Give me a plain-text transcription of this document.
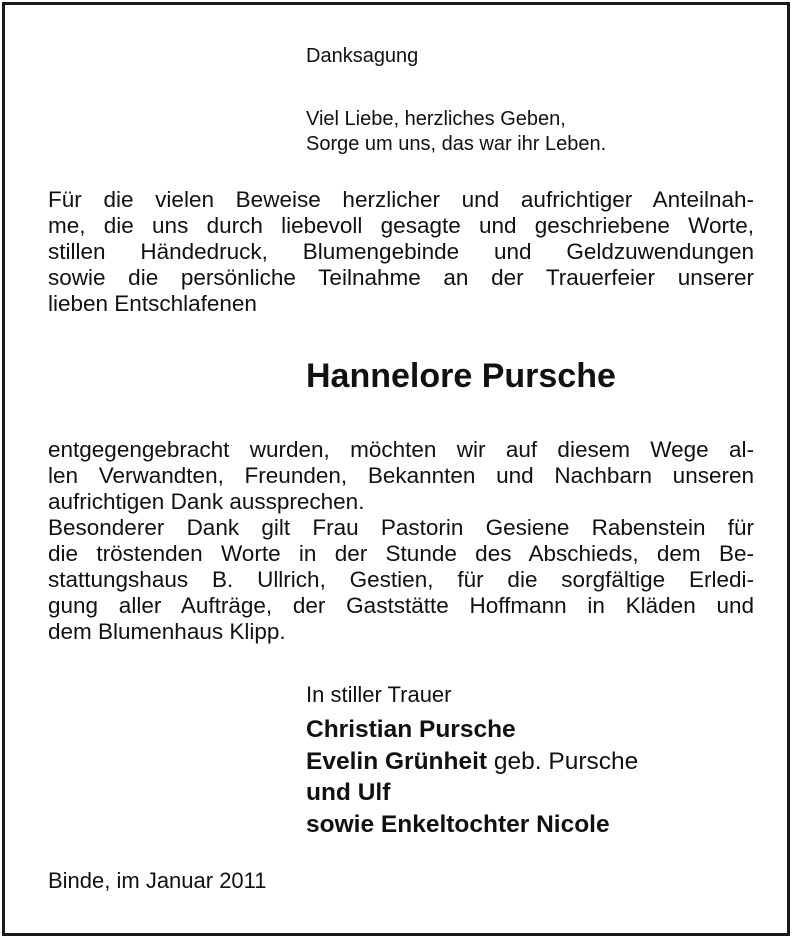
Danksagung
Viel Liebe, herzliches Geben,
Sorge um uns, das war ihr Leben.
Für die vielen Beweise herzlicher und aufrichtiger Anteilnah-
me, die uns durch liebevoll gesagte und geschriebene Worte,
stillen Händedruck, Blumengebinde und Geldzuwendungen
sowie die persönliche Teilnahme an der Trauerfeier unserer
lieben Entschlafenen
Hannelore Pursche
entgegengebracht wurden, möchten wir auf diesem Wege al-
len Verwandten, Freunden, Bekannten und Nachbarn unseren
aufrichtigen Dank aussprechen.
Besonderer Dank gilt Frau Pastorin Gesiene Rabenstein für
die tröstenden Worte in der Stunde des Abschieds, dem Be-
stattungshaus B. Ullrich, Gestien, für die sorgfältige Erledi-
gung aller Aufträge, der Gaststätte Hoffmann in Kläden und
dem Blumenhaus Klipp.
In stiller Trauer
Christian Pursche
Evelin Grünheit geb. Pursche
und Ulf
sowie Enkeltochter Nicole
Binde, im Januar 2011
